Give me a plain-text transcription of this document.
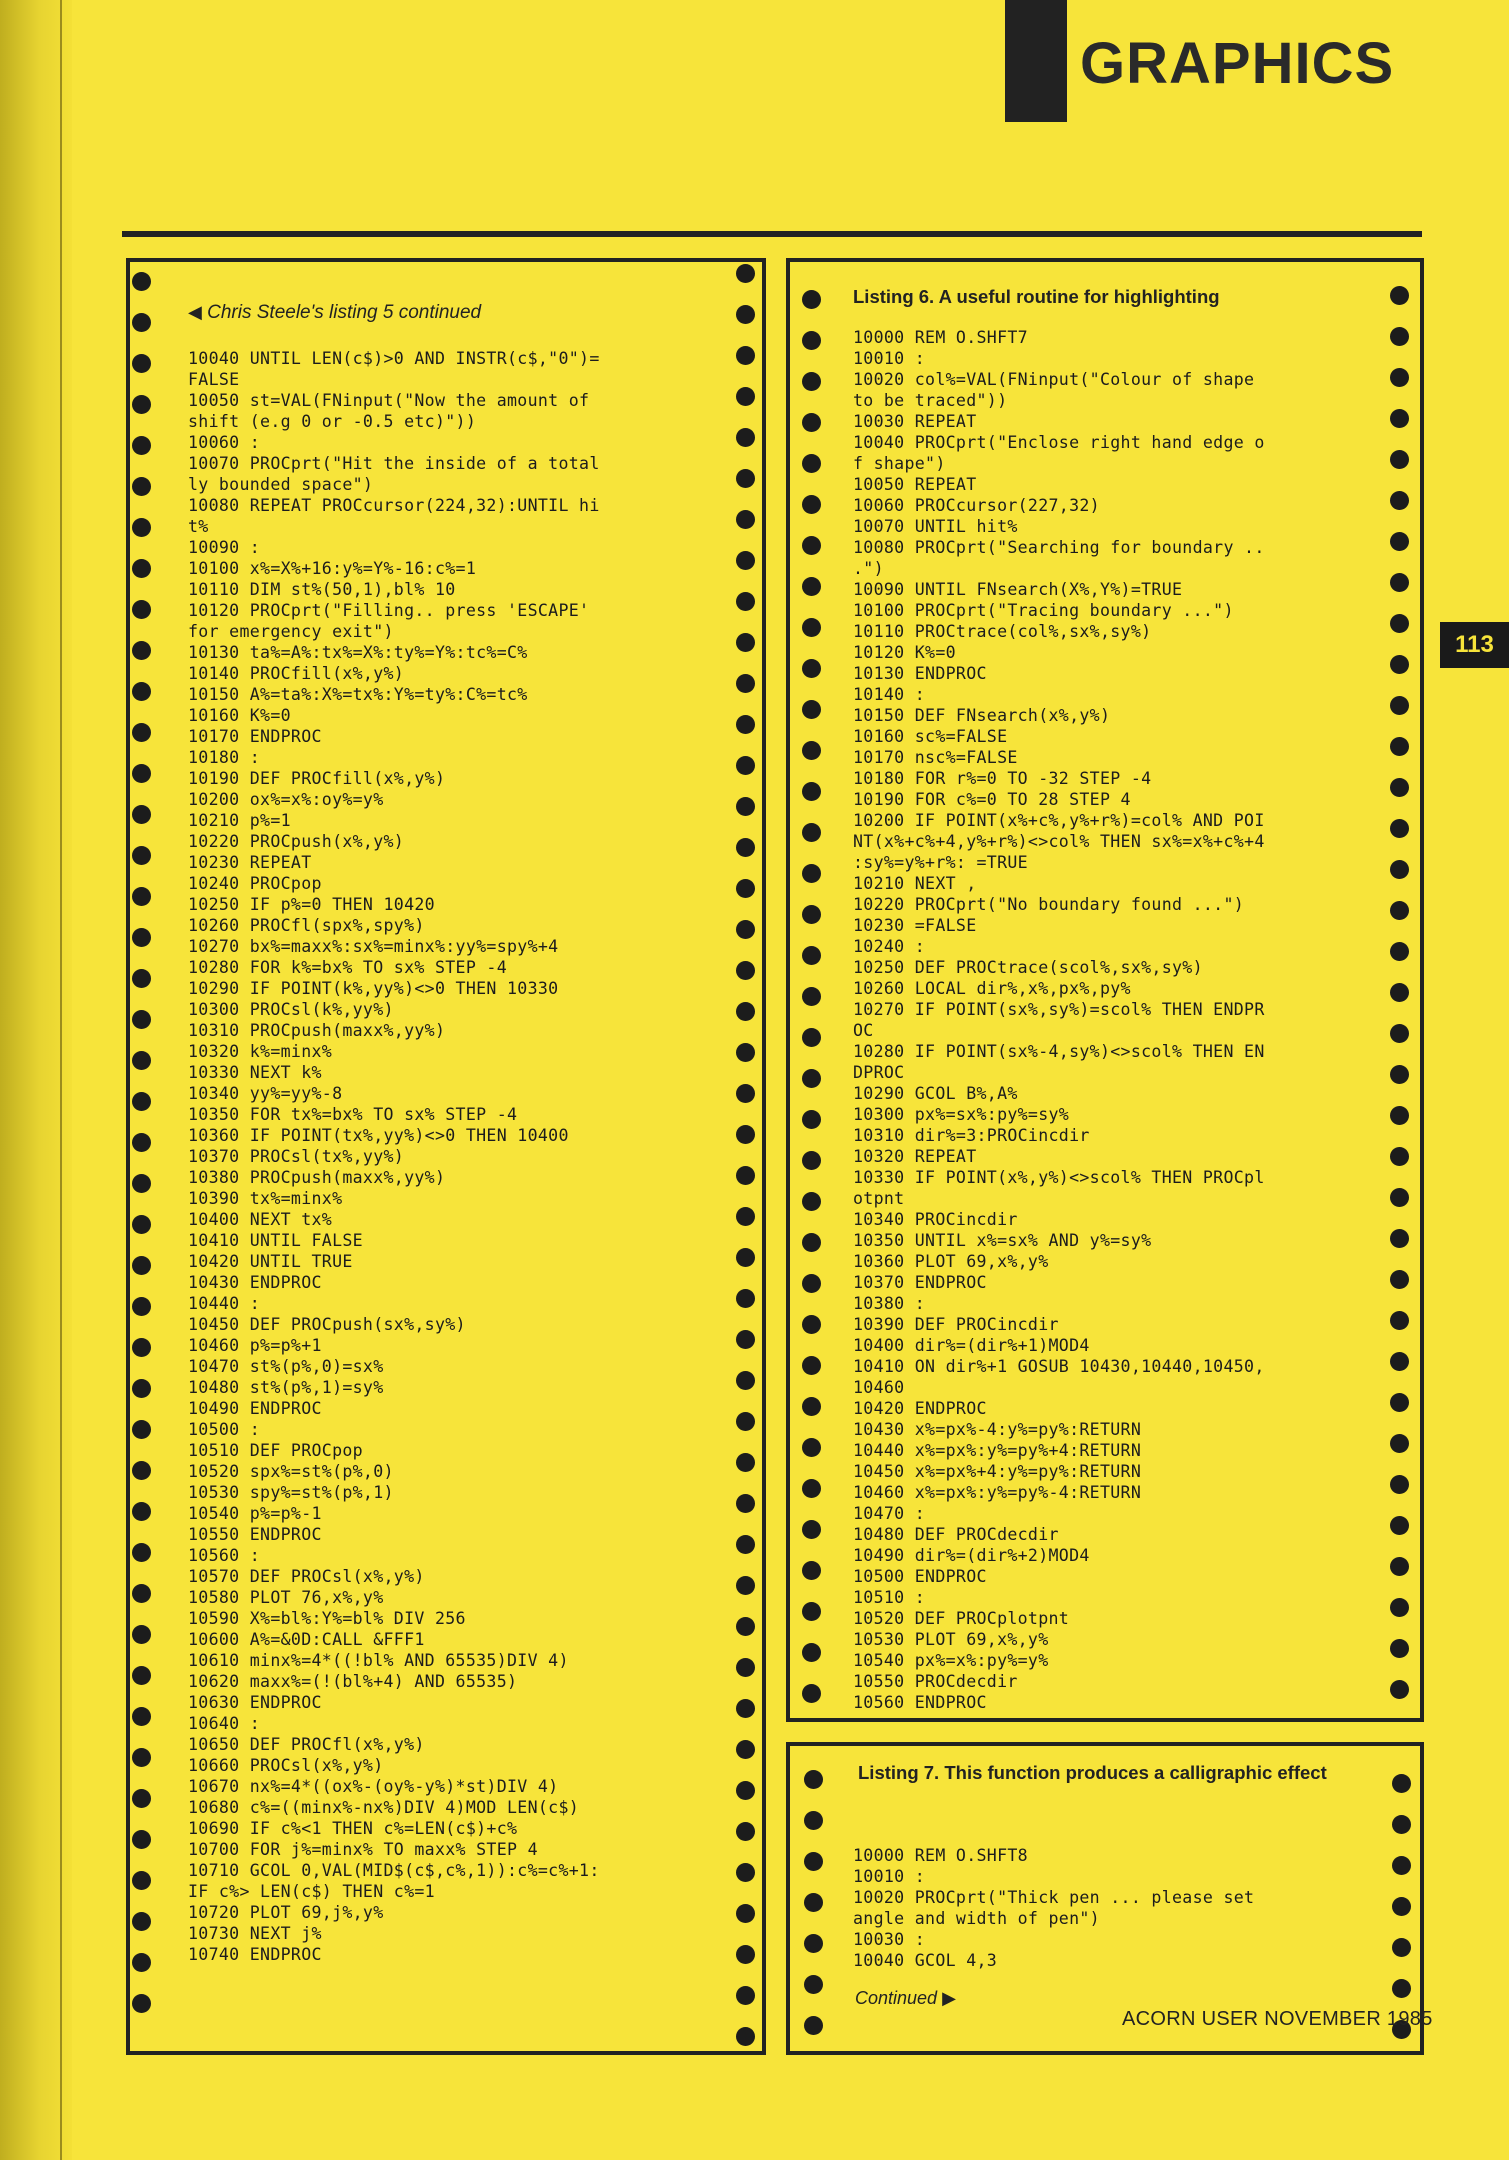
GRAPHICS
113
◀ Chris Steele's listing 5 continued
10040 UNTIL LEN(c$)>0 AND INSTR(c$,"0")=
FALSE
10050 st=VAL(FNinput("Now the amount of
shift (e.g 0 or -0.5 etc)"))
10060 :
10070 PROCprt("Hit the inside of a total
ly bounded space")
10080 REPEAT PROCcursor(224,32):UNTIL hi
t%
10090 :
10100 x%=X%+16:y%=Y%-16:c%=1
10110 DIM st%(50,1),bl% 10
10120 PROCprt("Filling.. press 'ESCAPE'
for emergency exit")
10130 ta%=A%:tx%=X%:ty%=Y%:tc%=C%
10140 PROCfill(x%,y%)
10150 A%=ta%:X%=tx%:Y%=ty%:C%=tc%
10160 K%=0
10170 ENDPROC
10180 :
10190 DEF PROCfill(x%,y%)
10200 ox%=x%:oy%=y%
10210 p%=1
10220 PROCpush(x%,y%)
10230 REPEAT
10240 PROCpop
10250 IF p%=0 THEN 10420
10260 PROCfl(spx%,spy%)
10270 bx%=maxx%:sx%=minx%:yy%=spy%+4
10280 FOR k%=bx% TO sx% STEP -4
10290 IF POINT(k%,yy%)<>0 THEN 10330
10300 PROCsl(k%,yy%)
10310 PROCpush(maxx%,yy%)
10320 k%=minx%
10330 NEXT k%
10340 yy%=yy%-8
10350 FOR tx%=bx% TO sx% STEP -4
10360 IF POINT(tx%,yy%)<>0 THEN 10400
10370 PROCsl(tx%,yy%)
10380 PROCpush(maxx%,yy%)
10390 tx%=minx%
10400 NEXT tx%
10410 UNTIL FALSE
10420 UNTIL TRUE
10430 ENDPROC
10440 :
10450 DEF PROCpush(sx%,sy%)
10460 p%=p%+1
10470 st%(p%,0)=sx%
10480 st%(p%,1)=sy%
10490 ENDPROC
10500 :
10510 DEF PROCpop
10520 spx%=st%(p%,0)
10530 spy%=st%(p%,1)
10540 p%=p%-1
10550 ENDPROC
10560 :
10570 DEF PROCsl(x%,y%)
10580 PLOT 76,x%,y%
10590 X%=bl%:Y%=bl% DIV 256
10600 A%=&0D:CALL &FFF1
10610 minx%=4*((!bl% AND 65535)DIV 4)
10620 maxx%=(!(bl%+4) AND 65535)
10630 ENDPROC
10640 :
10650 DEF PROCfl(x%,y%)
10660 PROCsl(x%,y%)
10670 nx%=4*((ox%-(oy%-y%)*st)DIV 4)
10680 c%=((minx%-nx%)DIV 4)MOD LEN(c$)
10690 IF c%<1 THEN c%=LEN(c$)+c%
10700 FOR j%=minx% TO maxx% STEP 4
10710 GCOL 0,VAL(MID$(c$,c%,1)):c%=c%+1:
IF c%> LEN(c$) THEN c%=1
10720 PLOT 69,j%,y%
10730 NEXT j%
10740 ENDPROC
Listing 6. A useful routine for highlighting
10000 REM O.SHFT7
10010 :
10020 col%=VAL(FNinput("Colour of shape
to be traced"))
10030 REPEAT
10040 PROCprt("Enclose right hand edge o
f shape")
10050 REPEAT
10060 PROCcursor(227,32)
10070 UNTIL hit%
10080 PROCprt("Searching for boundary ..
.")
10090 UNTIL FNsearch(X%,Y%)=TRUE
10100 PROCprt("Tracing boundary ...")
10110 PROCtrace(col%,sx%,sy%)
10120 K%=0
10130 ENDPROC
10140 :
10150 DEF FNsearch(x%,y%)
10160 sc%=FALSE
10170 nsc%=FALSE
10180 FOR r%=0 TO -32 STEP -4
10190 FOR c%=0 TO 28 STEP 4
10200 IF POINT(x%+c%,y%+r%)=col% AND POI
NT(x%+c%+4,y%+r%)<>col% THEN sx%=x%+c%+4
:sy%=y%+r%: =TRUE
10210 NEXT ,
10220 PROCprt("No boundary found ...")
10230 =FALSE
10240 :
10250 DEF PROCtrace(scol%,sx%,sy%)
10260 LOCAL dir%,x%,px%,py%
10270 IF POINT(sx%,sy%)=scol% THEN ENDPR
OC
10280 IF POINT(sx%-4,sy%)<>scol% THEN EN
DPROC
10290 GCOL B%,A%
10300 px%=sx%:py%=sy%
10310 dir%=3:PROCincdir
10320 REPEAT
10330 IF POINT(x%,y%)<>scol% THEN PROCpl
otpnt
10340 PROCincdir
10350 UNTIL x%=sx% AND y%=sy%
10360 PLOT 69,x%,y%
10370 ENDPROC
10380 :
10390 DEF PROCincdir
10400 dir%=(dir%+1)MOD4
10410 ON dir%+1 GOSUB 10430,10440,10450,
10460
10420 ENDPROC
10430 x%=px%-4:y%=py%:RETURN
10440 x%=px%:y%=py%+4:RETURN
10450 x%=px%+4:y%=py%:RETURN
10460 x%=px%:y%=py%-4:RETURN
10470 :
10480 DEF PROCdecdir
10490 dir%=(dir%+2)MOD4
10500 ENDPROC
10510 :
10520 DEF PROCplotpnt
10530 PLOT 69,x%,y%
10540 px%=x%:py%=y%
10550 PROCdecdir
10560 ENDPROC
Listing 7. This function produces a calligraphic effect
10000 REM O.SHFT8
10010 :
10020 PROCprt("Thick pen ... please set
angle and width of pen")
10030 :
10040 GCOL 4,3
Continued ▶
ACORN USER NOVEMBER 1985
